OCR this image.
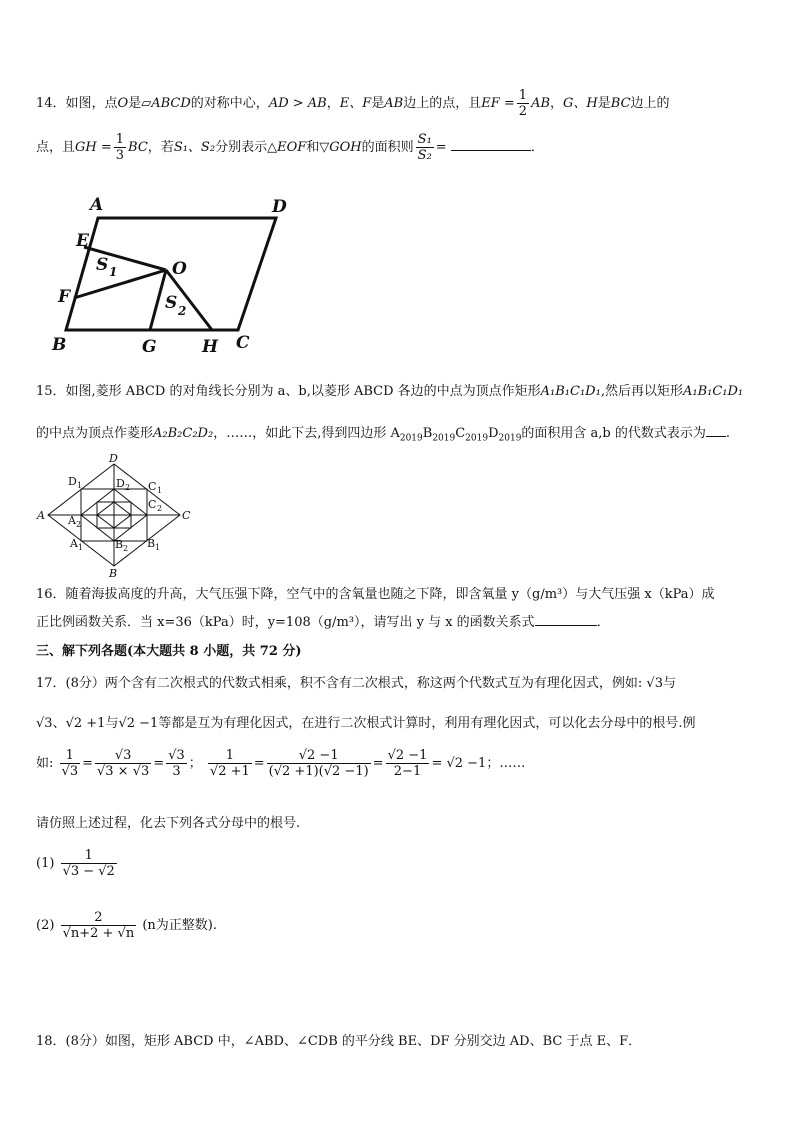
14．如图，点O是▱ABCD的对称中心，AD > AB，E、F是AB边上的点，且EF = $\frac{1}{2}$ AB，G、H是BC边上的
点，且GH = $\frac{1}{3}$ BC，若S₁、S₂分别表示△EOF和▽GOH的面积则 $\frac{\text{S₁}}{\text{S₂}}$ =	．
A	D
E
S 1	O
F	S 2
B	G	H C
15．如图,菱形 ABCD 的对角线长分别为 a、b,以菱形 ABCD 各边的中点为顶点作矩形A₁B₁C₁D₁,然后再以矩形A₁B₁C₁D₁
的中点为顶点作菱形A₂B₂C₂D₂，……，如此下去,得到四边形 $A_{2019}B_{2019}C_{2019}D_{2019}$的面积用含 a,b 的代数式表示为 .
D
D 1	D 2 C 1
C 2
A A 2
C
A 1	B 2 B 1
B
16．随着海拔高度的升高，大气压强下降，空气中的含氧量也随之下降，即含氧量 y（g/m³）与大气压强 x（kPa）成
正比例函数关系．当 x=36（kPa）时，y=108（g/m³），请写出 y 与 x 的函数关系式	．
三、解下列各题(本大题共 8 小题，共 72 分)
17．(8分）两个含有二次根式的代数式相乘，积不含有二次根式，称这两个代数式互为有理化因式，例如: √3与
√3、√2 +1与√2 −1等都是互为有理化因式，在进行二次根式计算时，利用有理化因式，可以化去分母中的根号.例
如: $\frac{1}{√3} = \frac{√3}{√3 \times √3} = \frac{√3}{3}$ ； $\frac{1}{√2 +1} = \frac{√2 -1}{(√2 +1)(√2 -1)} = \frac{√2 -1}{2-1} = √2 -1$；……
请仿照上述过程，化去下列各式分母中的根号.
$(1) \frac{1}{√3 - √2}$
$(2) \frac{2}{√n+2 + √n} (n$为正整数).
18．(8分）如图，矩形 ABCD 中，∠ABD、∠CDB 的平分线 BE、DF 分别交边 AD、BC 于点 E、F．
